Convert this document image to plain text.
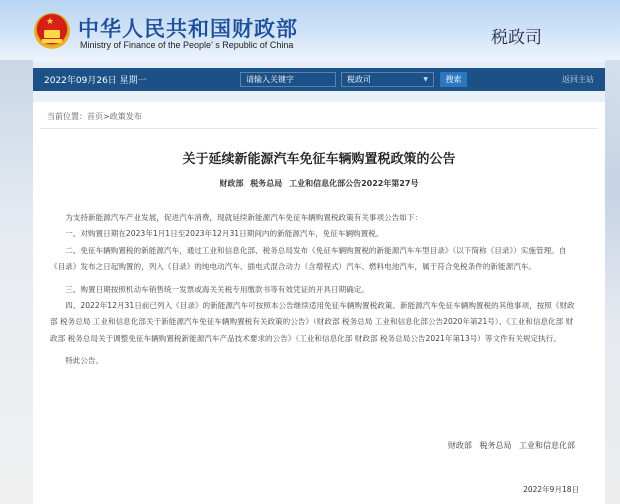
★ 中华人民共和国财政部
Ministry of Finance of the People' s Republic of China	税政司
2022年09月26日 星期一	请输入关键字	税政司	▼	搜索	返回主站
当前位置：首页>政策发布
关于延续新能源汽车免征车辆购置税政策的公告
财政部 税务总局 工业和信息化部公告2022年第27号

为支持新能源汽车产业发展，促进汽车消费，现就延续新能源汽车免征车辆购置税政策有关事项公告如下：

一、对购置日期在2023年1月1日至2023年12月31日期间内的新能源汽车，免征车辆购置税。

二、免征车辆购置税的新能源汽车，通过工业和信息化部、税务总局发布《免征车辆购置税的新能源汽车车型目录》（以下简称《目录》）实施管理。自《目录》发布之日起购置的，列入《目录》的纯电动汽车、插电式混合动力（含增程式）汽车、燃料电池汽车，属于符合免税条件的新能源汽车。

三、购置日期按照机动车销售统一发票或海关关税专用缴款书等有效凭证的开具日期确定。

四、2022年12月31日前已列入《目录》的新能源汽车可按照本公告继续适用免征车辆购置税政策。新能源汽车免征车辆购置税的其他事项，按照《财政部 税务总局 工业和信息化部关于新能源汽车免征车辆购置税有关政策的公告》（财政部 税务总局 工业和信息化部公告2020年第21号）、《工业和信息化部 财政部 税务总局关于调整免征车辆购置税新能源汽车产品技术要求的公告》（工业和信息化部 财政部 税务总局公告2021年第13号）等文件有关规定执行。

特此公告。

财政部 税务总局 工业和信息化部
2022年9月18日
